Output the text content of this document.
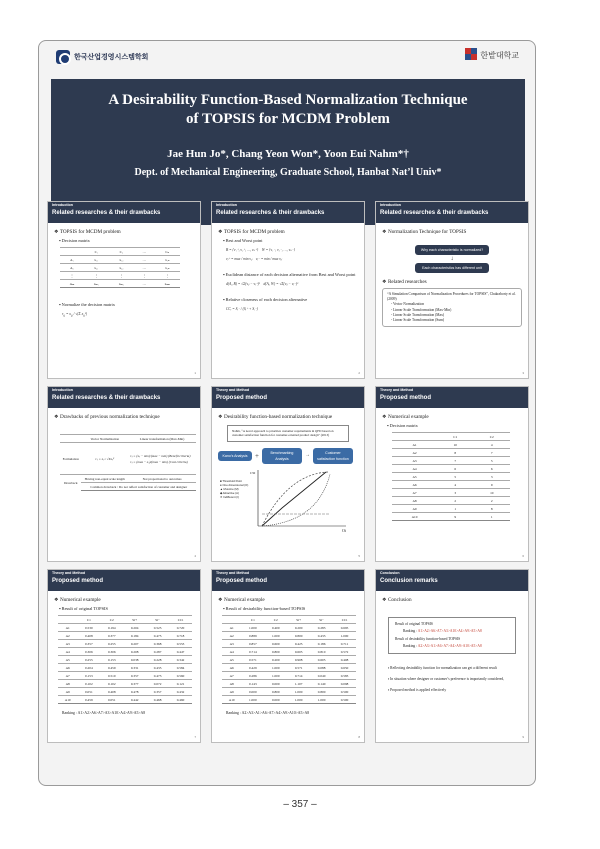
한국산업경영시스템학회	한밭대학교
A Desirability Function-Based Normalization Technique
of TOPSIS for MCDM Problem
Jae Hun Jo*, Chang Yeon Won*, Yoon Eui Nahm*†
Dept. of Mechanical Engineering, Graduate School, Hanbat Nat’l Univ*
Introduction
Related researches & their drawbacks
❖ TOPSIS for MCDM problem
▪ Decision matrix
	C₁	C₂	…	Cₙ
A₁	x₁₁	x₁₂	…	x₁ₙ
A₂	x₂₁	x₂₂	…	x₂ₙ
⋮	⋮	⋮	⋮	⋮
Aₘ	xₘ₁	xₘ₂	…	xₘₙ
▪ Normalize the decision matrix
$r_{ij} = x_{ij} / √(\Sigma$ $x_{ij}^2$)
1
Introduction
Related researches & their drawbacks
❖ TOPSIS for MCDM problem
▪ Best and Worst point
B = {v₁⁺, v₂⁺, …, vₙ⁺}    W = {v₁⁻, v₂⁻, …, vₙ⁻}
vⱼ⁺ = max / min vᵢⱼ    vⱼ⁻ = min / max vᵢⱼ
▪ Euclidean distance of each decision alternative from Best and Worst point
d(Aᵢ, B) = √Σ(vᵢⱼ − vⱼ⁺)²    d(Aᵢ, W) = √Σ(vᵢⱼ − vⱼ⁻)²
▪ Relative closeness of each decision alternative
CCᵢ = Sᵢ⁻ / (Sᵢ⁺ + Sᵢ⁻)
2
Introduction
Related researches & their drawbacks
❖ Normalization Technique for TOPSIS
Why each characteristic is normalized?
↓
Each characteristics has different unit
❖ Related researches
“A Simulation Comparison of Normalization Procedures for TOPSIS”, Chakraborty et al. (2009)
- Vector Normalization
- Linear Scale Transformation (Max-Min)
- Linear Scale Transformation (Max)
- Linear Scale Transformation (Sum)
3
Introduction
Related researches & their drawbacks
❖ Drawbacks of previous normalization technique
	Vector Normalization	Linear transformation (Max-Min)
Formulation	rᵢⱼ = xᵢⱼ / √Σxᵢⱼ²	rᵢⱼ = (xᵢⱼ − min)/(max − min) (Benefit criteria)
rᵢⱼ = (max − xᵢⱼ)/(max − min) (Cost criteria)
Drawback	Having non-equal scale length	Not proportional to outcomes
	Common drawback : Do not reflect satisfaction of customer and designer	
4
Theory and Method
Proposed method
❖ Desirability function-based normalization technique
Nahm, “A novel approach to prioritize customer requirements in QFD based on customer satisfaction function for customer-oriented product design” (2013)
Kano’s Analysis	+	Benchmarking Analysis
→	Customer satisfaction function
■ Threshold Point
● One dimensional (O)
▲ Must-be (M)
◆ Attractive (A)
✕ Indifferent (I)
CSI
Oi
5
Theory and Method
Proposed method
❖ Numerical example
▪ Decision matrix
	C1	C2
A1	10	4
A2	8	7
A3	7	5
A4	6	6
A5	5	3
A6	4	9
A7	3	10
A8	2	2
A9	1	8
A10	9	1
6
Theory and Method
Proposed method
❖ Numerical example
▪ Result of original TOPSIS
	C1	C2	Si+	Si−	CCi
A1	0.530	0.194	0.204	0.525	0.720
A2	0.408	0.377	0.184	0.475	0.718
A3	0.357	0.255	0.207	0.368	0.553
A4	0.306	0.306	0.208	0.287	0.447
A5	0.255	0.153	0.038	0.228	0.342
A6	0.204	0.459	0.331	0.435	0.584
A7	0.153	0.510	0.357	0.473	0.560
A8	0.102	0.102	0.377	0.072	0.121
A9	0.051	0.408	0.478	0.357	0.432
A10	0.459	0.051	0.442	0.468	0.460
Ranking : A1>A2>A6>A7>A3>A10>A4>A9>A5>A8
7
Theory and Method
Proposed method
❖ Numerical example
▪ Result of desirability function-based TOPSIS
	C1	C2	Si+	Si−	CCi
A1	1.000	0.400	0.200	0.283	0.695
A2	0.889	1.000	0.800	0.433	1.000
A3	0.857	0.600	0.425	0.186	0.711
A4	0.714	0.800	0.605	0.810	0.572
A5	0.571	0.200	0.908	0.605	0.408
A6	0.429	1.000	0.571	0.088	0.650
A7	0.286	1.000	0.714	0.040	0.583
A8	0.143	0.000	1.107	0.140	0.098
A9	0.000	0.800	1.000	0.800	0.500
A10	1.000	0.000	1.000	1.000	0.500
Ranking : A2>A3>A1>A6>A7>A4>A9>A10>A5>A8
8
Conclusion
Conclusion remarks
❖ Conclusion
Result of original TOPSIS
Ranking : A1>A2>A6>A7>A3>A10>A4>A9>A5>A8
Result of desirability function-based TOPSIS
Ranking : A2>A3>A1>A6>A7>A4>A9>A10>A5>A8
▪ Reflecting desirability function for normalization can get a different result
▪ In situation where designer or customer’s preference is importantly considered,
▪ Proposed method is applied effectively
9
– 357 –
